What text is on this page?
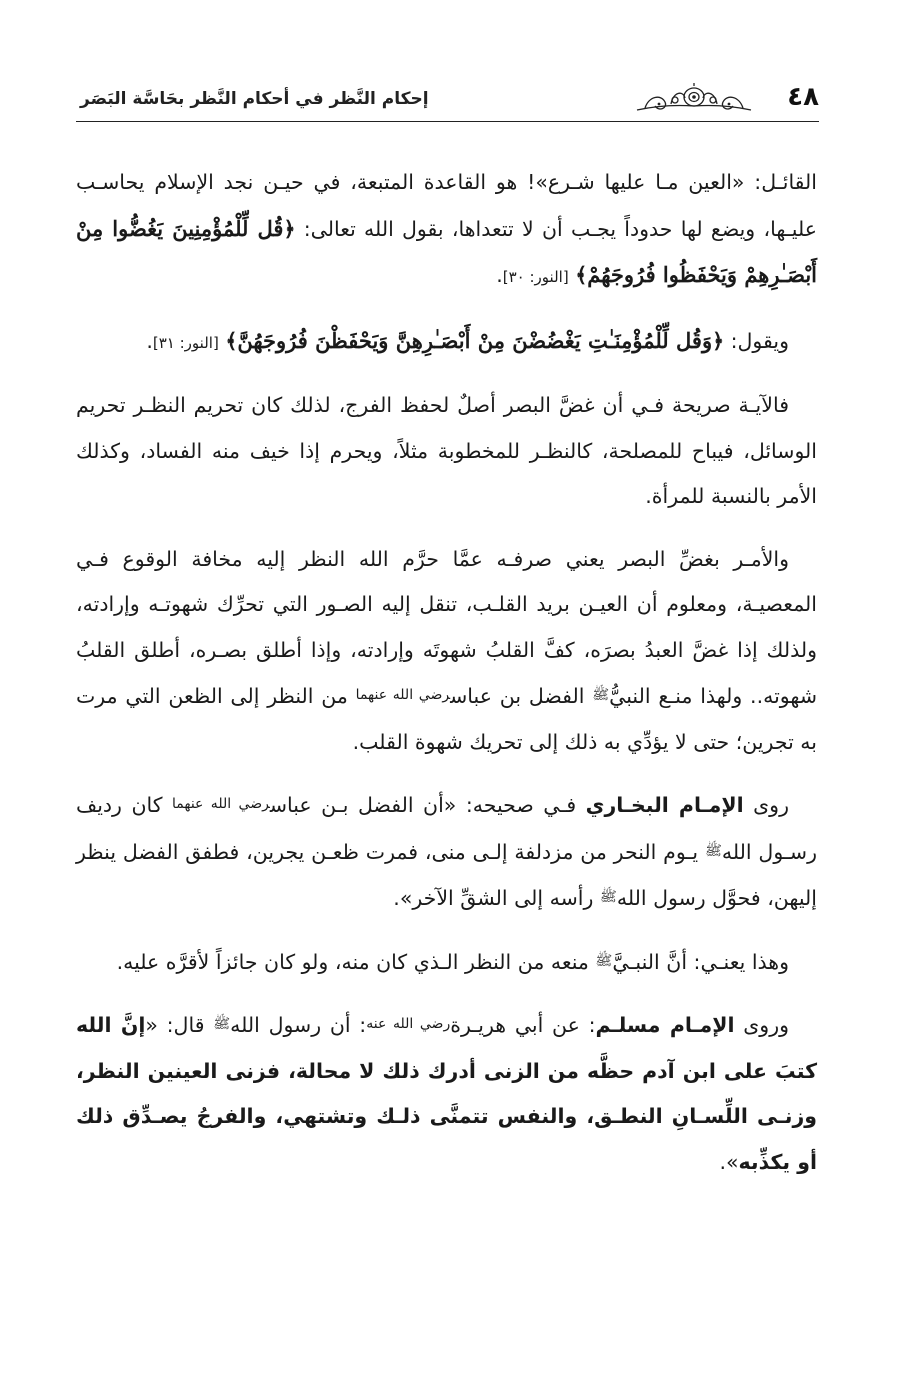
٤٨
إحكام النَّظر في أحكام النَّظر بحَاسَّة البَصَر

القائـل: «العين مـا عليها شـرع»! هو القاعدة المتبعة، في حيـن نجد الإسلام يحاسـب عليـها، ويضع لها حدوداً يجـب أن لا تتعداها، بقول الله تعالى: ﴿قُل لِّلْمُؤْمِنِينَ يَغُضُّوا مِنْ أَبْصَـٰرِهِمْ وَيَحْفَظُوا فُرُوجَهُمْ﴾ [النور: ٣٠].

ويقول: ﴿وَقُل لِّلْمُؤْمِنَـٰتِ يَغْضُضْنَ مِنْ أَبْصَـٰرِهِنَّ وَيَحْفَظْنَ فُرُوجَهُنَّ﴾ [النور: ٣١].

فالآيـة صريحة فـي أن غضَّ البصر أصلٌ لحفظ الفرج، لذلك كان تحريم النظـر تحريم الوسائل، فيباح للمصلحة، كالنظـر للمخطوبة مثلاً، ويحرم إذا خيف منه الفساد، وكذلك الأمر بالنسبة للمرأة.

والأمـر بغضِّ البصر يعني صرفـه عمَّا حرَّم الله النظر إليه مخافة الوقوع فـي المعصيـة، ومعلوم أن العيـن بريد القلـب، تنقل إليه الصـور التي تحرِّك شهوتـه وإرادته، ولذلك إذا غضَّ العبدُ بصرَه، كفَّ القلبُ شهوتَه وإرادته، وإذا أطلق بصـره، أطلق القلبُ شهوته.. ولهذا منـع النبيُّﷺ الفضل بن عباسرضي الله عنهما من النظر إلى الظعن التي مرت به تجرين؛ حتى لا يؤدِّي به ذلك إلى تحريك شهوة القلب.

روى الإمـام البخـاري فـي صحيحه: «أن الفضل بـن عباسرضي الله عنهما كان رديف رسـول اللهﷺ يـوم النحر من مزدلفة إلـى منى، فمرت ظعـن يجرين، فطفق الفضل ينظر إليهن، فحوَّل رسول اللهﷺ رأسه إلى الشقِّ الآخر».

وهذا يعنـي: أنَّ النبـيَّﷺ منعه من النظر الـذي كان منه، ولو كان جائزاً لأقرَّه عليه.

وروى الإمـام مسلـم: عن أبي هريـرةرضي الله عنه: أن رسول اللهﷺ قال: «إنَّ الله كتبَ على ابن آدم حظَّه من الزنى أدرك ذلك لا محالة، فزنى العينين النظر، وزنـى اللِّسـانِ النطـق، والنفس تتمنَّى ذلـك وتشتهي، والفرجُ يصـدِّق ذلك أو يكذِّبه».
